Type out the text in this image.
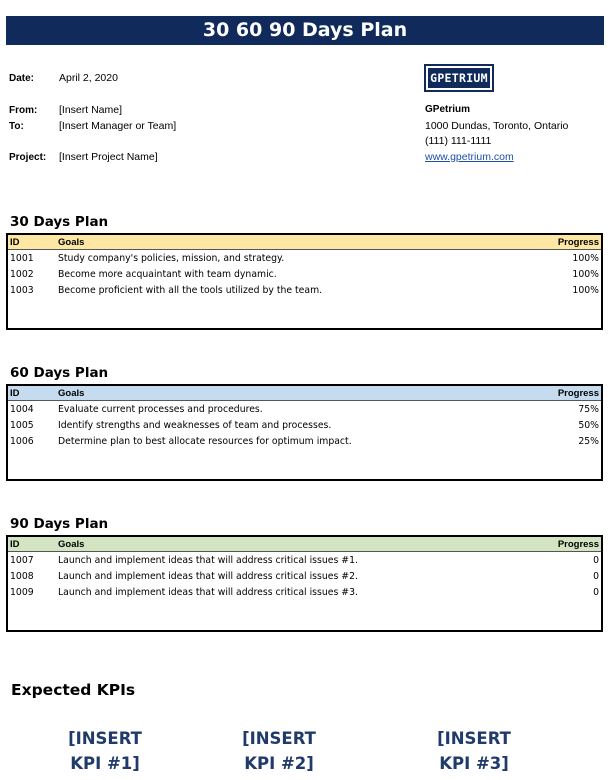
30 60 90 Days Plan
Date: April 2, 2020
From: [Insert Name]
To:	[Insert Manager or Team]
Project: [Insert Project Name]
GPETRIUM
GPetrium
1000 Dundas, Toronto, Ontario
(111) 111-1111
www.gpetrium.com
30 Days Plan
ID	Goals	Progress
1001	Study company's policies, mission, and strategy.	100%
1002	Become more acquaintant with team dynamic.	100%
1003	Become proficient with all the tools utilized by the team.	100%
60 Days Plan
ID	Goals	Progress
1004	Evaluate current processes and procedures.	75%
1005	Identify strengths and weaknesses of team and processes.	50%
1006	Determine plan to best allocate resources for optimum impact.	25%
90 Days Plan
ID	Goals	Progress
1007	Launch and implement ideas that will address critical issues #1.	0
1008	Launch and implement ideas that will address critical issues #2.	0
1009	Launch and implement ideas that will address critical issues #3.	0
Expected KPIs
[INSERT
KPI #1]
[INSERT
KPI #2]
[INSERT
KPI #3]
